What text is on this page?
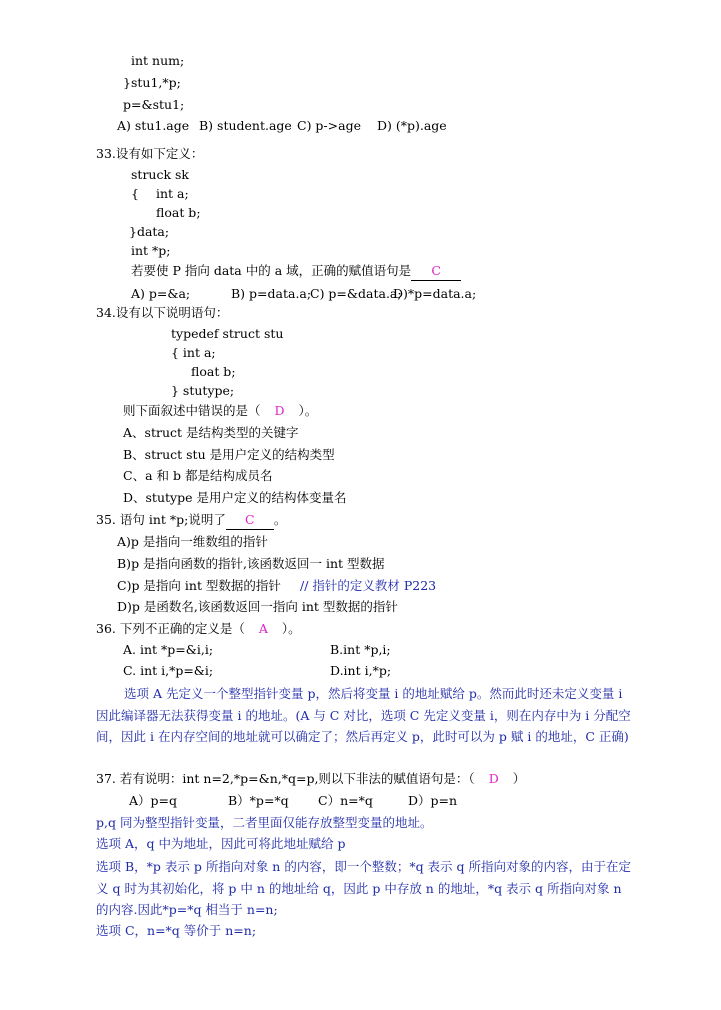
int num;
}stu1,*p;
p=&stu1;
A) stu1.age B) student.age C) p->age D) (*p).age
33.设有如下定义：
struck sk
{ int a;
float b;
}data;
int *p;
若要使 P 指向 data 中的 a 域，正确的赋值语句是 C
A) p=&a;	B) p=data.a;
C) p=&data.a;
D)*p=data.a;
34.设有以下说明语句：
typedef struct stu
{ int a;
float b;
} stutype;
则下面叙述中错误的是（ D ）。
A、struct 是结构类型的关键字
B、struct stu 是用户定义的结构类型
C、a 和 b 都是结构成员名
D、stutype 是用户定义的结构体变量名
35. 语句 int *p;说明了 C 。
A)p 是指向一维数组的指针
B)p 是指向函数的指针,该函数返回一 int 型数据
C)p 是指向 int 型数据的指针 // 指针的定义教材 P223
D)p 是函数名,该函数返回一指向 int 型数据的指针
36. 下列不正确的定义是（ A ）。
A. int *p=&i,i;	B.int *p,i;
C. int i,*p=&i;	D.int i,*p;
选项 A 先定义一个整型指针变量 p，然后将变量 i 的地址赋给 p。然而此时还未定义变量 i 因此编译器无法获得变量 i 的地址。(A 与 C 对比，选项 C 先定义变量 i，则在内存中为 i 分配空间，因此 i 在内存空间的地址就可以确定了；然后再定义 p，此时可以为 p 赋 i 的地址，C 正确)
37. 若有说明：int n=2,*p=&n,*q=p,则以下非法的赋值语句是：（ D ）
A）p=q	B）*p=*q C）n=*q	D）p=n
p,q 同为整型指针变量，二者里面仅能存放整型变量的地址。
选项 A，q 中为地址，因此可将此地址赋给 p
选项 B，*p 表示 p 所指向对象 n 的内容，即一个整数；*q 表示 q 所指向对象的内容，由于在定义 q 时为其初始化，将 p 中 n 的地址给 q，因此 p 中存放 n 的地址，*q 表示 q 所指向对象 n 的内容.因此*p=*q 相当于 n=n;
选项 C，n=*q 等价于 n=n;
